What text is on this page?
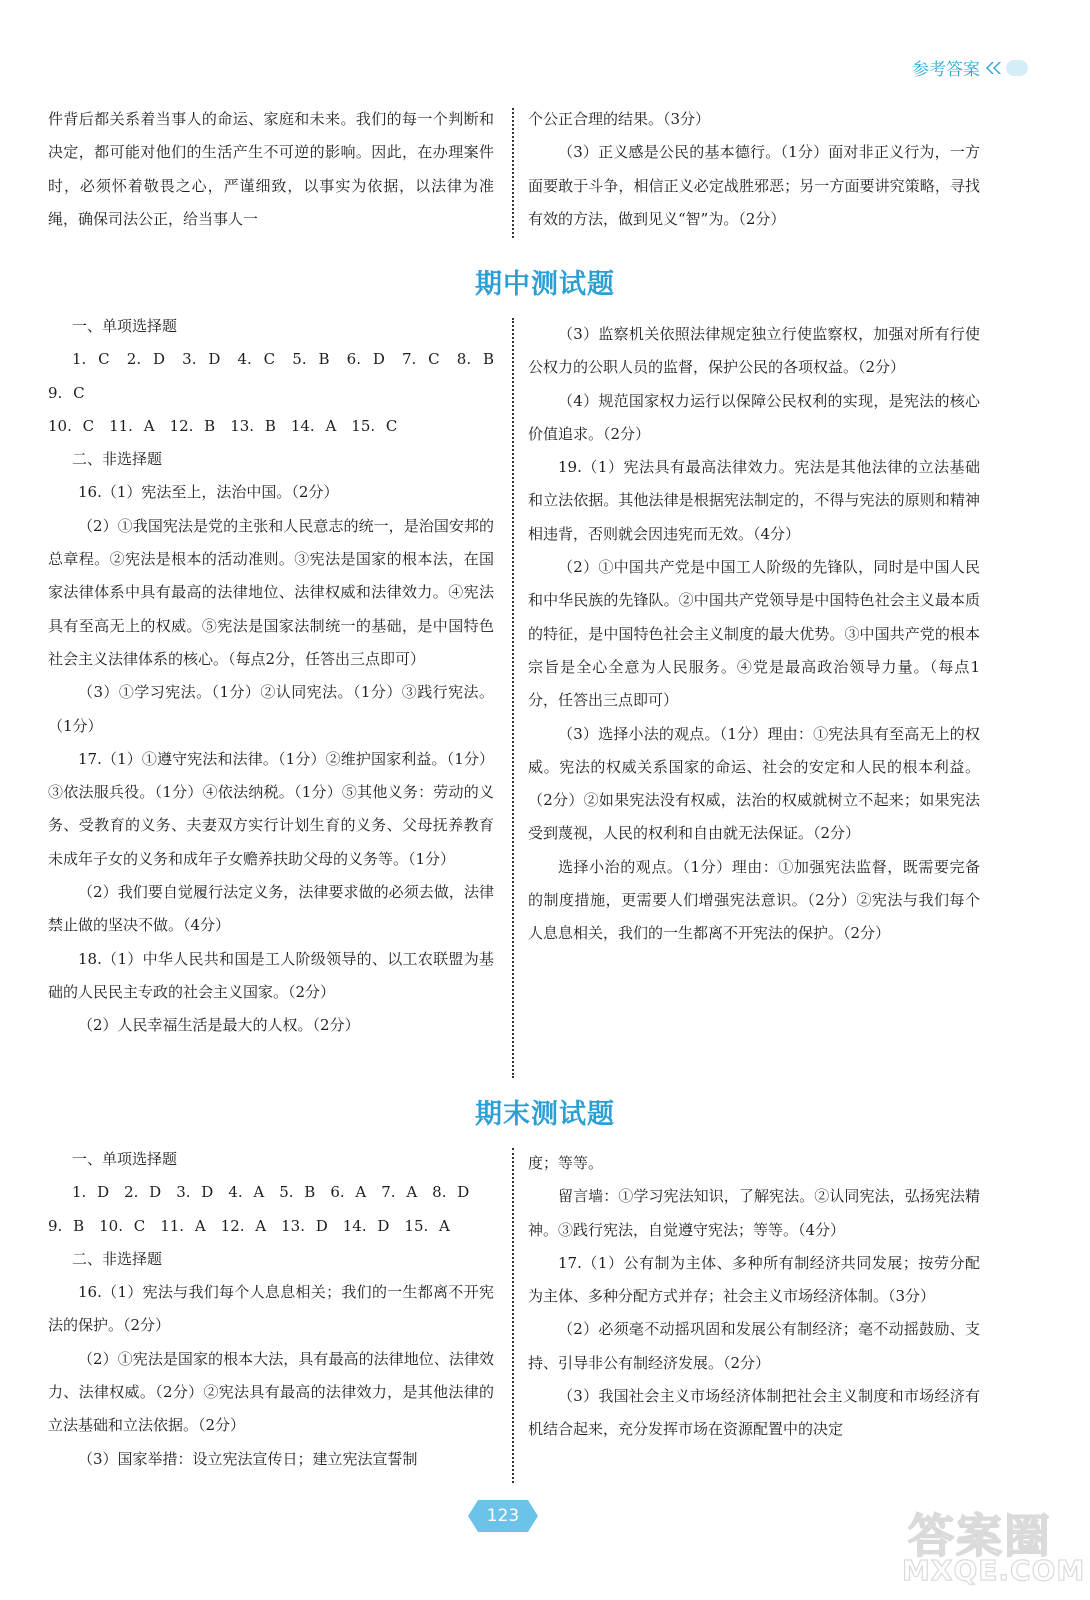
参考答案

件背后都关系着当事人的命运、家庭和未来。我们的每一个判断和决定，都可能对他们的生活产生不可逆的影响。因此，在办理案件时，必须怀着敬畏之心，严谨细致，以事实为依据，以法律为准绳，确保司法公正，给当事人一

个公正合理的结果。（3分）

（3）正义感是公民的基本德行。（1分）面对非正义行为，一方面要敢于斗争，相信正义必定战胜邪恶；另一方面要讲究策略，寻找有效的方法，做到见义“智”为。（2分）

期中测试题

一、单项选择题

1. C　2. D　3. D　4. C　5. B　6. D　7. C　8. B　9. C

10. C　11. A　12. B　13. B　14. A　15. C

二、非选择题

16.（1）宪法至上，法治中国。（2分）

（2）①我国宪法是党的主张和人民意志的统一，是治国安邦的总章程。②宪法是根本的活动准则。③宪法是国家的根本法，在国家法律体系中具有最高的法律地位、法律权威和法律效力。④宪法具有至高无上的权威。⑤宪法是国家法制统一的基础，是中国特色社会主义法律体系的核心。（每点2分，任答出三点即可）

（3）①学习宪法。（1分）②认同宪法。（1分）③践行宪法。（1分）

17.（1）①遵守宪法和法律。（1分）②维护国家利益。（1分）③依法服兵役。（1分）④依法纳税。（1分）⑤其他义务：劳动的义务、受教育的义务、夫妻双方实行计划生育的义务、父母抚养教育未成年子女的义务和成年子女赡养扶助父母的义务等。（1分）

（2）我们要自觉履行法定义务，法律要求做的必须去做，法律禁止做的坚决不做。（4分）

18.（1）中华人民共和国是工人阶级领导的、以工农联盟为基础的人民民主专政的社会主义国家。（2分）

（2）人民幸福生活是最大的人权。（2分）

（3）监察机关依照法律规定独立行使监察权，加强对所有行使公权力的公职人员的监督，保护公民的各项权益。（2分）

（4）规范国家权力运行以保障公民权利的实现，是宪法的核心价值追求。（2分）

19.（1）宪法具有最高法律效力。宪法是其他法律的立法基础和立法依据。其他法律是根据宪法制定的，不得与宪法的原则和精神相违背，否则就会因违宪而无效。（4分）

（2）①中国共产党是中国工人阶级的先锋队，同时是中国人民和中华民族的先锋队。②中国共产党领导是中国特色社会主义最本质的特征，是中国特色社会主义制度的最大优势。③中国共产党的根本宗旨是全心全意为人民服务。④党是最高政治领导力量。（每点1分，任答出三点即可）

（3）选择小法的观点。（1分）理由：①宪法具有至高无上的权威。宪法的权威关系国家的命运、社会的安定和人民的根本利益。（2分）②如果宪法没有权威，法治的权威就树立不起来；如果宪法受到蔑视，人民的权利和自由就无法保证。（2分）

选择小治的观点。（1分）理由：①加强宪法监督，既需要完备的制度措施，更需要人们增强宪法意识。（2分）②宪法与我们每个人息息相关，我们的一生都离不开宪法的保护。（2分）

期末测试题

一、单项选择题

1. D　2. D　3. D　4. A　5. B　6. A　7. A　8. D

9. B　10. C　11. A　12. A　13. D　14. D　15. A

二、非选择题

16.（1）宪法与我们每个人息息相关；我们的一生都离不开宪法的保护。（2分）

（2）①宪法是国家的根本大法，具有最高的法律地位、法律效力、法律权威。（2分）②宪法具有最高的法律效力，是其他法律的立法基础和立法依据。（2分）

（3）国家举措：设立宪法宣传日；建立宪法宣誓制

度；等等。

留言墙：①学习宪法知识，了解宪法。②认同宪法，弘扬宪法精神。③践行宪法，自觉遵守宪法；等等。（4分）

17.（1）公有制为主体、多种所有制经济共同发展；按劳分配为主体、多种分配方式并存；社会主义市场经济体制。（3分）

（2）必须毫不动摇巩固和发展公有制经济；毫不动摇鼓励、支持、引导非公有制经济发展。（2分）

（3）我国社会主义市场经济体制把社会主义制度和市场经济有机结合起来，充分发挥市场在资源配置中的决定

123	答案圈
MXQE.COM
